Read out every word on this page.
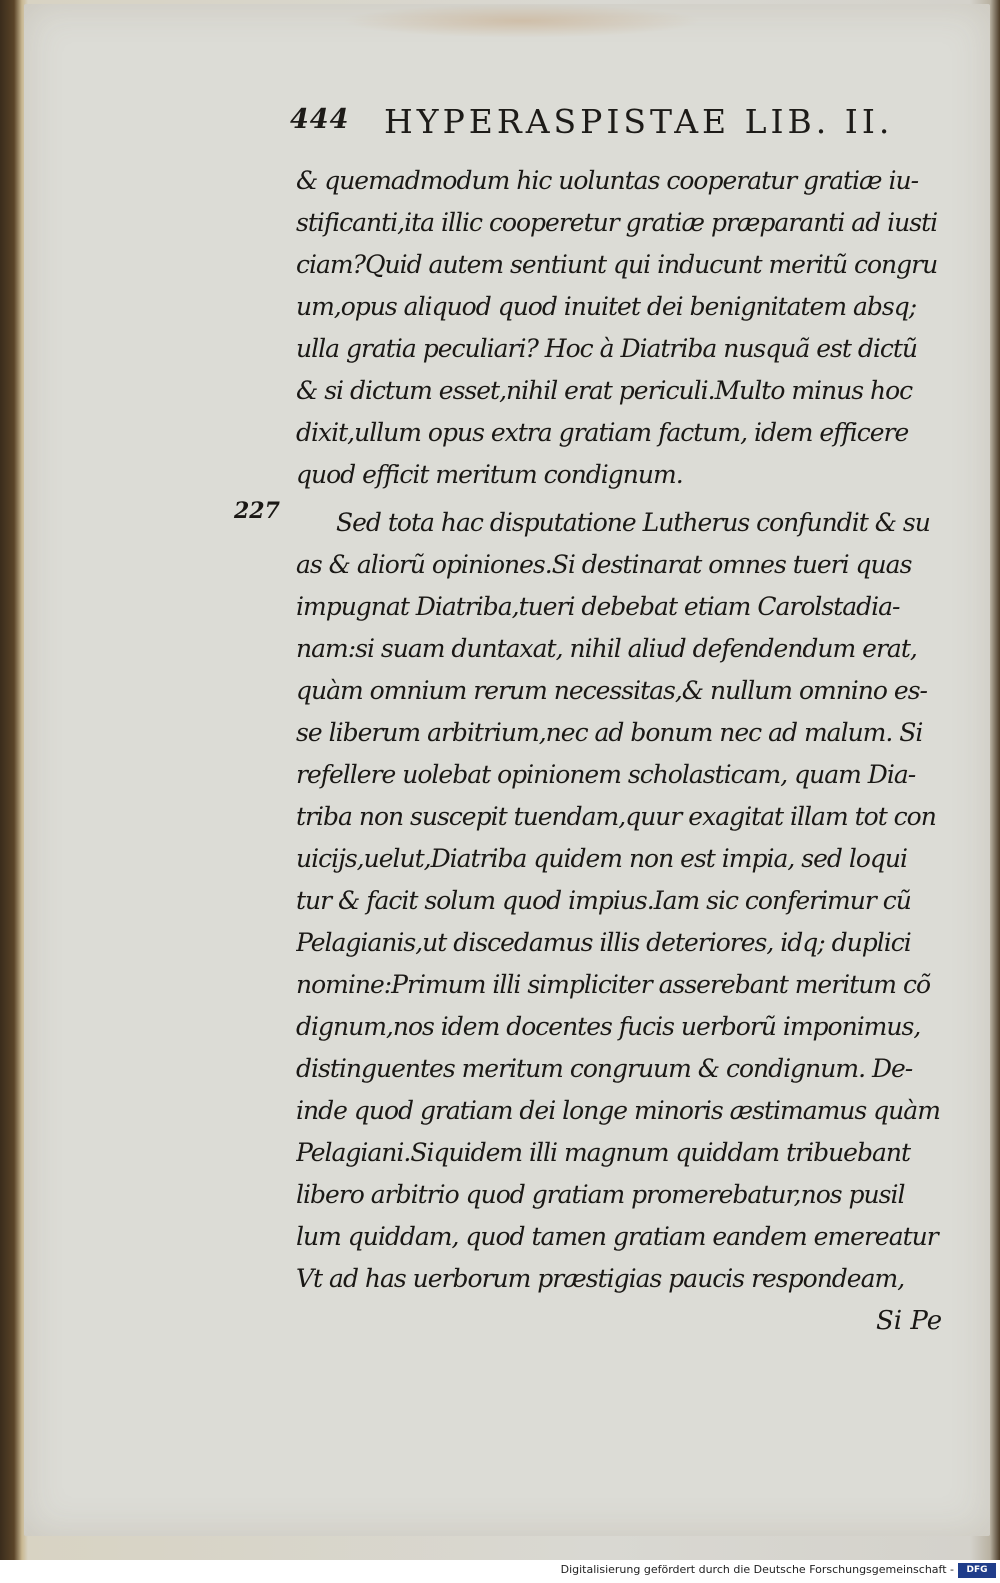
444 HYPERASPISTAE LIB. II.
227
& quemadmodum hic uoluntas cooperatur gratiæ iu-
stificanti,ita illic cooperetur gratiæ præparanti ad iusti
ciam?Quid autem sentiunt qui inducunt meritũ congru
um,opus aliquod quod inuitet dei benignitatem absq;
ulla gratia peculiari? Hoc à Diatriba nusquã est dictũ
& si dictum esset,nihil erat periculi.Multo minus hoc
dixit,ullum opus extra gratiam factum, idem efficere
quod efficit meritum condignum.
Sed tota hac disputatione Lutherus confundit & su
as & aliorũ opiniones.Si destinarat omnes tueri quas
impugnat Diatriba,tueri debebat etiam Carolstadia-
nam:si suam duntaxat, nihil aliud defendendum erat,
quàm omnium rerum necessitas,& nullum omnino es-
se liberum arbitrium,nec ad bonum nec ad malum. Si
refellere uolebat opinionem scholasticam, quam Dia-
triba non suscepit tuendam,quur exagitat illam tot con
uicijs,uelut,Diatriba quidem non est impia, sed loqui
tur & facit solum quod impius.Iam sic conferimur cũ
Pelagianis,ut discedamus illis deteriores, idq; duplici
nomine:Primum illi simpliciter asserebant meritum cõ
dignum,nos idem docentes fucis uerborũ imponimus,
distinguentes meritum congruum & condignum. De-
inde quod gratiam dei longe minoris æstimamus quàm
Pelagiani.Siquidem illi magnum quiddam tribuebant
libero arbitrio quod gratiam promerebatur,nos pusil
lum quiddam, quod tamen gratiam eandem emereatur
Vt ad has uerborum præstigias paucis respondeam,
Si Pe
Digitalisierung gefördert durch die Deutsche Forschungsgemeinschaft -	DFG
